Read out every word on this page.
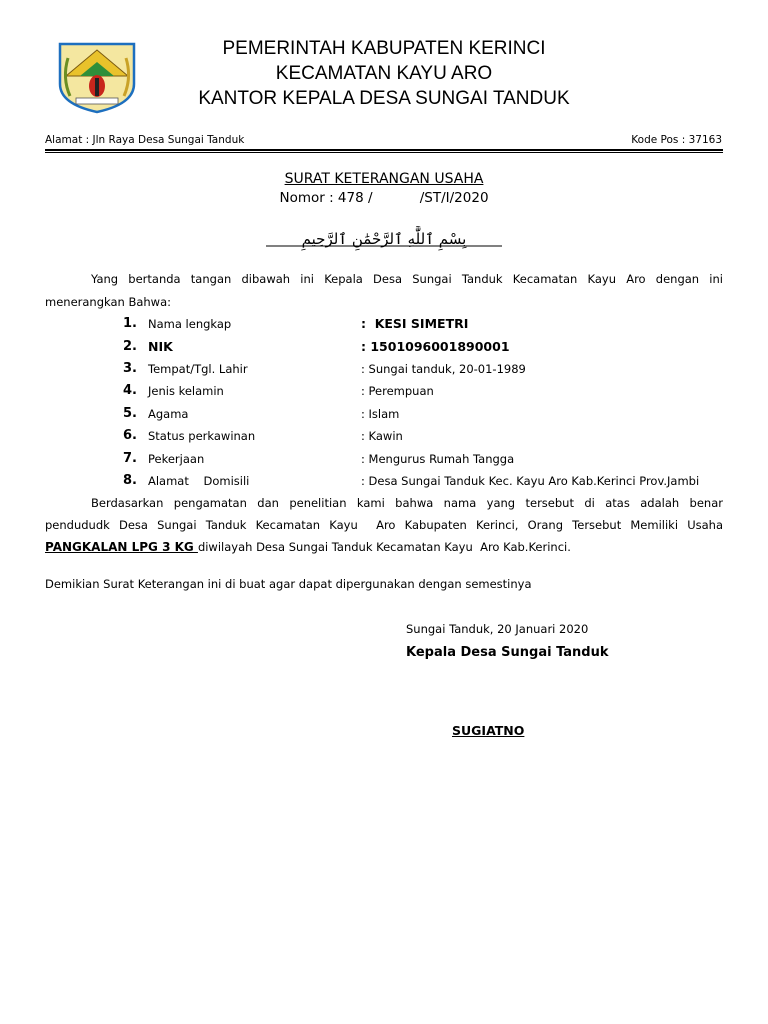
PEMERINTAH KABUPATEN KERINCI
KECAMATAN KAYU ARO
KANTOR KEPALA DESA SUNGAI TANDUK
Alamat : Jln Raya Desa Sungai Tanduk	Kode Pos : 37163
SURAT KETERANGAN USAHA
Nomor : 478 /           /ST/I/2020
بِسْمِ ٱللَّٰهِ ٱلرَّحْمَٰنِ ٱلرَّحِيمِ
Yang bertanda tangan dibawah ini Kepala Desa Sungai Tanduk Kecamatan Kayu Aro dengan ini
menerangkan Bahwa:
1. Nama lengkap	:  KESI SIMETRI
2. NIK	: 1501096001890001
3. Tempat/Tgl. Lahir	: Sungai tanduk, 20-01-1989
4. Jenis kelamin	: Perempuan
5. Agama	: Islam
6. Status perkawinan	: Kawin
7. Pekerjaan	: Mengurus Rumah Tangga
8. Alamat    Domisili	: Desa Sungai Tanduk Kec. Kayu Aro Kab.Kerinci Prov.Jambi
Berdasarkan pengamatan dan penelitian kami bahwa nama yang tersebut di atas adalah benar
pendududk Desa Sungai Tanduk Kecamatan Kayu  Aro Kabupaten Kerinci, Orang Tersebut Memiliki Usaha
PANGKALAN LPG 3 KG diwilayah Desa Sungai Tanduk Kecamatan Kayu  Aro Kab.Kerinci.
Demikian Surat Keterangan ini di buat agar dapat dipergunakan dengan semestinya
Sungai Tanduk, 20 Januari 2020
Kepala Desa Sungai Tanduk
SUGIATNO
